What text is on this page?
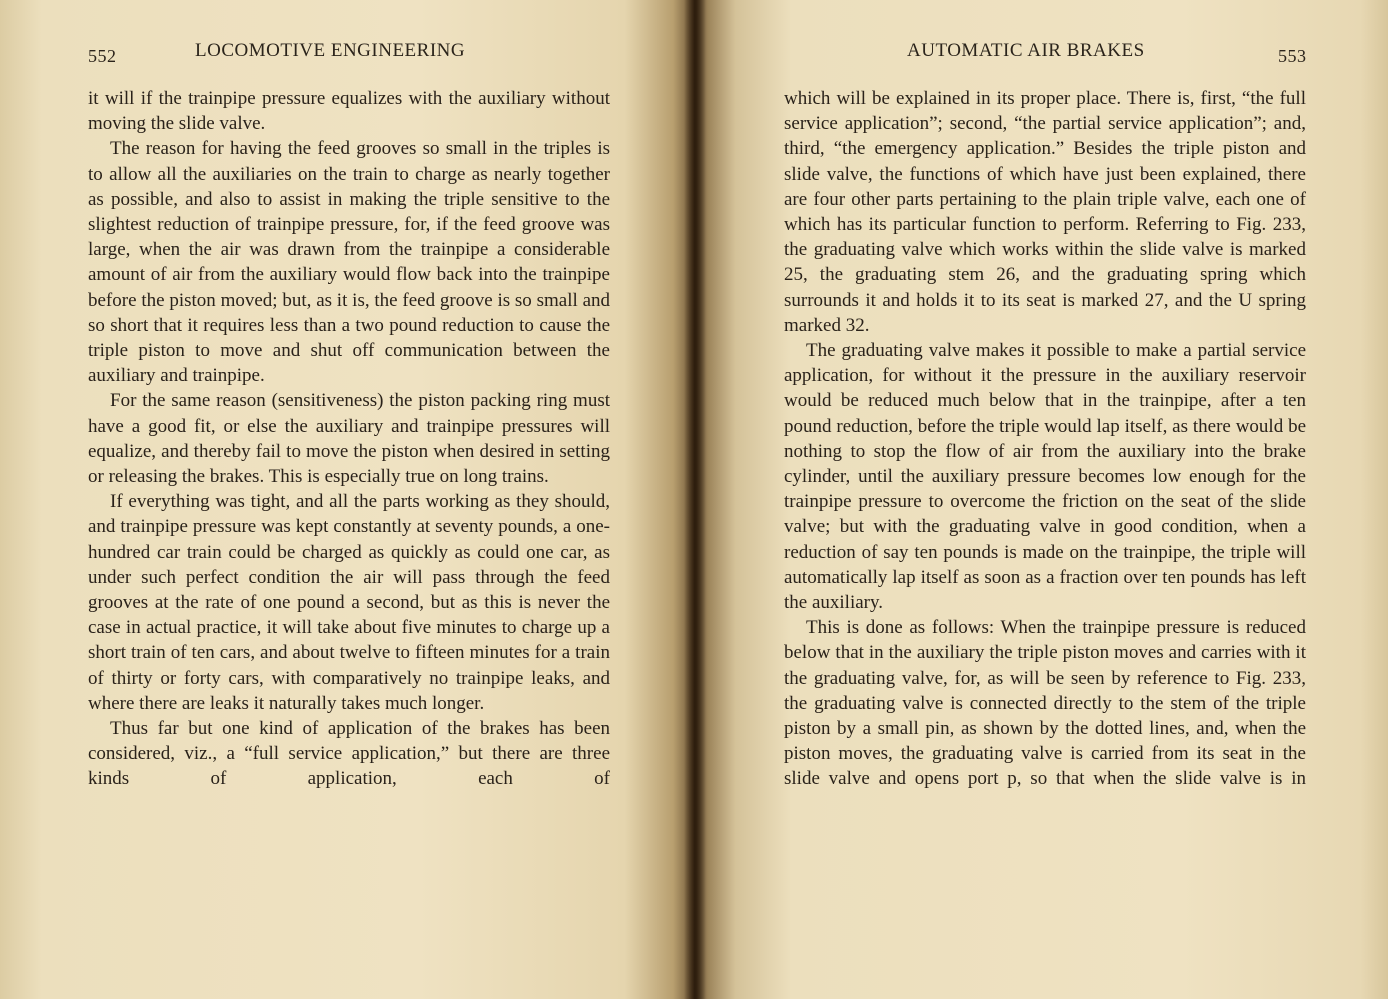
552	LOCOMOTIVE ENGINEERING

it will if the trainpipe pressure equalizes with the auxiliary without moving the slide valve.

The reason for having the feed grooves so small in the triples is to allow all the auxiliaries on the train to charge as nearly together as possible, and also to assist in making the triple sensitive to the slightest reduction of trainpipe pressure, for, if the feed groove was large, when the air was drawn from the trainpipe a considerable amount of air from the auxiliary would flow back into the trainpipe before the piston moved; but, as it is, the feed groove is so small and so short that it requires less than a two pound reduction to cause the triple piston to move and shut off communication between the auxiliary and trainpipe.

For the same reason (sensitiveness) the piston packing ring must have a good fit, or else the auxiliary and trainpipe pressures will equalize, and thereby fail to move the piston when desired in setting or releasing the brakes. This is especially true on long trains.

If everything was tight, and all the parts working as they should, and trainpipe pressure was kept constantly at seventy pounds, a one-hundred car train could be charged as quickly as could one car, as under such perfect condition the air will pass through the feed grooves at the rate of one pound a second, but as this is never the case in actual practice, it will take about five minutes to charge up a short train of ten cars, and about twelve to fifteen minutes for a train of thirty or forty cars, with comparatively no trainpipe leaks, and where there are leaks it naturally takes much longer.

Thus far but one kind of application of the brakes has been considered, viz., a “full service application,” but there are three kinds of application, each of

AUTOMATIC AIR BRAKES	553

which will be explained in its proper place. There is, first, “the full service application”; second, “the partial service application”; and, third, “the emergency application.” Besides the triple piston and slide valve, the functions of which have just been explained, there are four other parts pertaining to the plain triple valve, each one of which has its particular function to perform. Referring to Fig. 233, the graduating valve which works within the slide valve is marked 25, the graduating stem 26, and the graduating spring which surrounds it and holds it to its seat is marked 27, and the U spring marked 32.

The graduating valve makes it possible to make a partial service application, for without it the pressure in the auxiliary reservoir would be reduced much below that in the trainpipe, after a ten pound reduction, before the triple would lap itself, as there would be nothing to stop the flow of air from the auxiliary into the brake cylinder, until the auxiliary pressure becomes low enough for the trainpipe pressure to overcome the friction on the seat of the slide valve; but with the graduating valve in good condition, when a reduction of say ten pounds is made on the trainpipe, the triple will automatically lap itself as soon as a fraction over ten pounds has left the auxiliary.

This is done as follows: When the trainpipe pressure is reduced below that in the auxiliary the triple piston moves and carries with it the graduating valve, for, as will be seen by reference to Fig. 233, the graduating valve is connected directly to the stem of the triple piston by a small pin, as shown by the dotted lines, and, when the piston moves, the graduating valve is carried from its seat in the slide valve and opens port p, so that when the slide valve is in
